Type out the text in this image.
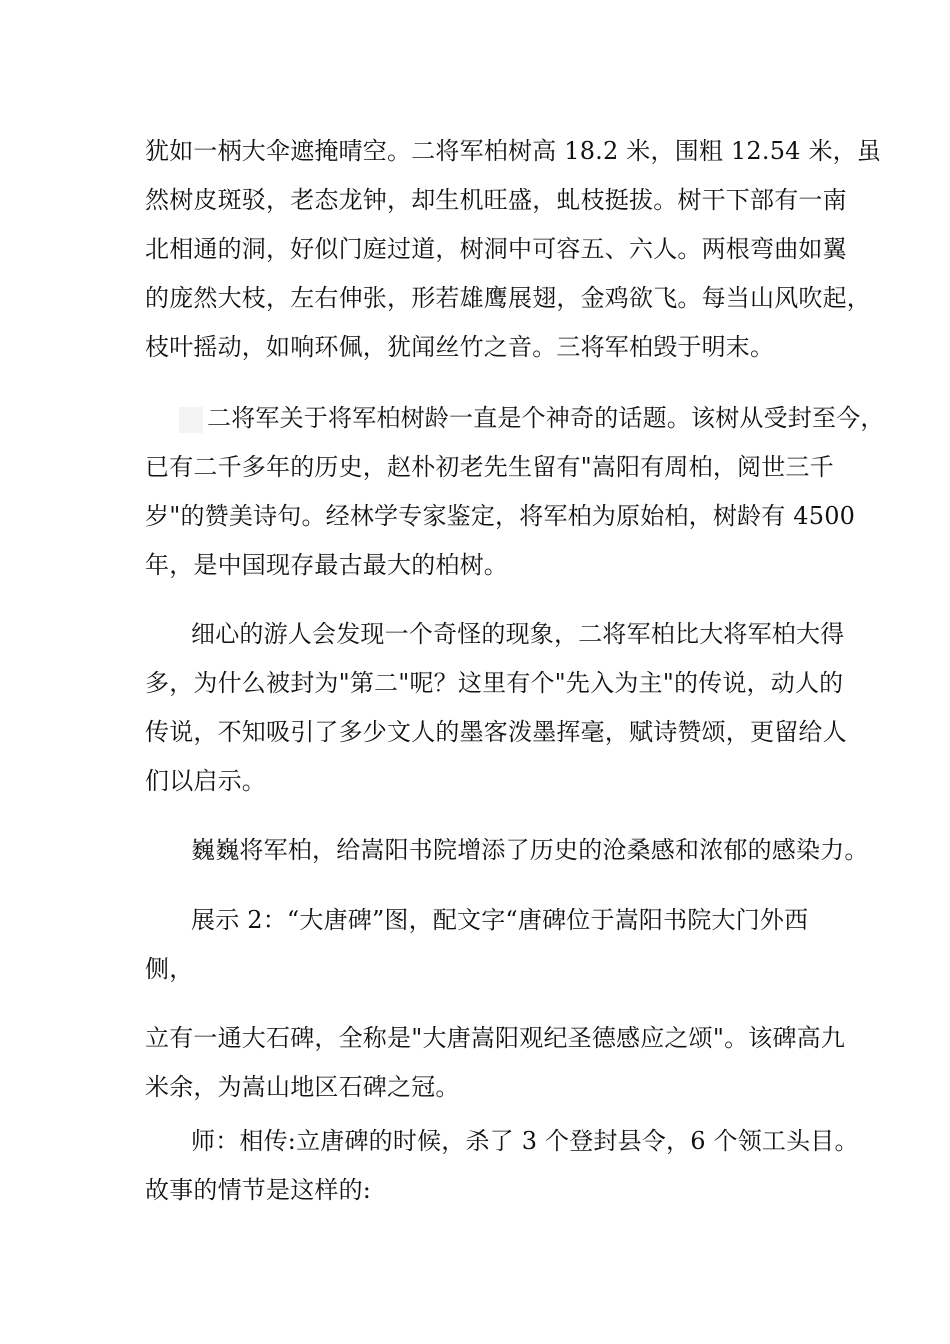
犹如一柄大伞遮掩晴空。二将军柏树高 18.2 米，围粗 12.54 米，虽
然树皮斑驳，老态龙钟，却生机旺盛，虬枝挺拔。树干下部有一南
北相通的洞，好似门庭过道，树洞中可容五、六人。两根弯曲如翼
的庞然大枝，左右伸张，形若雄鹰展翅，金鸡欲飞。每当山风吹起，
枝叶摇动，如响环佩，犹闻丝竹之音。三将军柏毁于明末。
二将军关于将军柏树龄一直是个神奇的话题。该树从受封至今，
已有二千多年的历史，赵朴初老先生留有"嵩阳有周柏，阅世三千
岁"的赞美诗句。经林学专家鉴定，将军柏为原始柏，树龄有 4500
年，是中国现存最古最大的柏树。
细心的游人会发现一个奇怪的现象，二将军柏比大将军柏大得
多，为什么被封为"第二"呢？这里有个"先入为主"的传说，动人的
传说，不知吸引了多少文人的墨客泼墨挥毫，赋诗赞颂，更留给人
们以启示。
巍巍将军柏，给嵩阳书院增添了历史的沧桑感和浓郁的感染力。
展示 2：“大唐碑”图，配文字“唐碑位于嵩阳书院大门外西
侧，
立有一通大石碑，全称是"大唐嵩阳观纪圣德感应之颂"。该碑高九
米余，为嵩山地区石碑之冠。
师：相传:立唐碑的时候，杀了 3 个登封县令，6 个领工头目。
故事的情节是这样的:
